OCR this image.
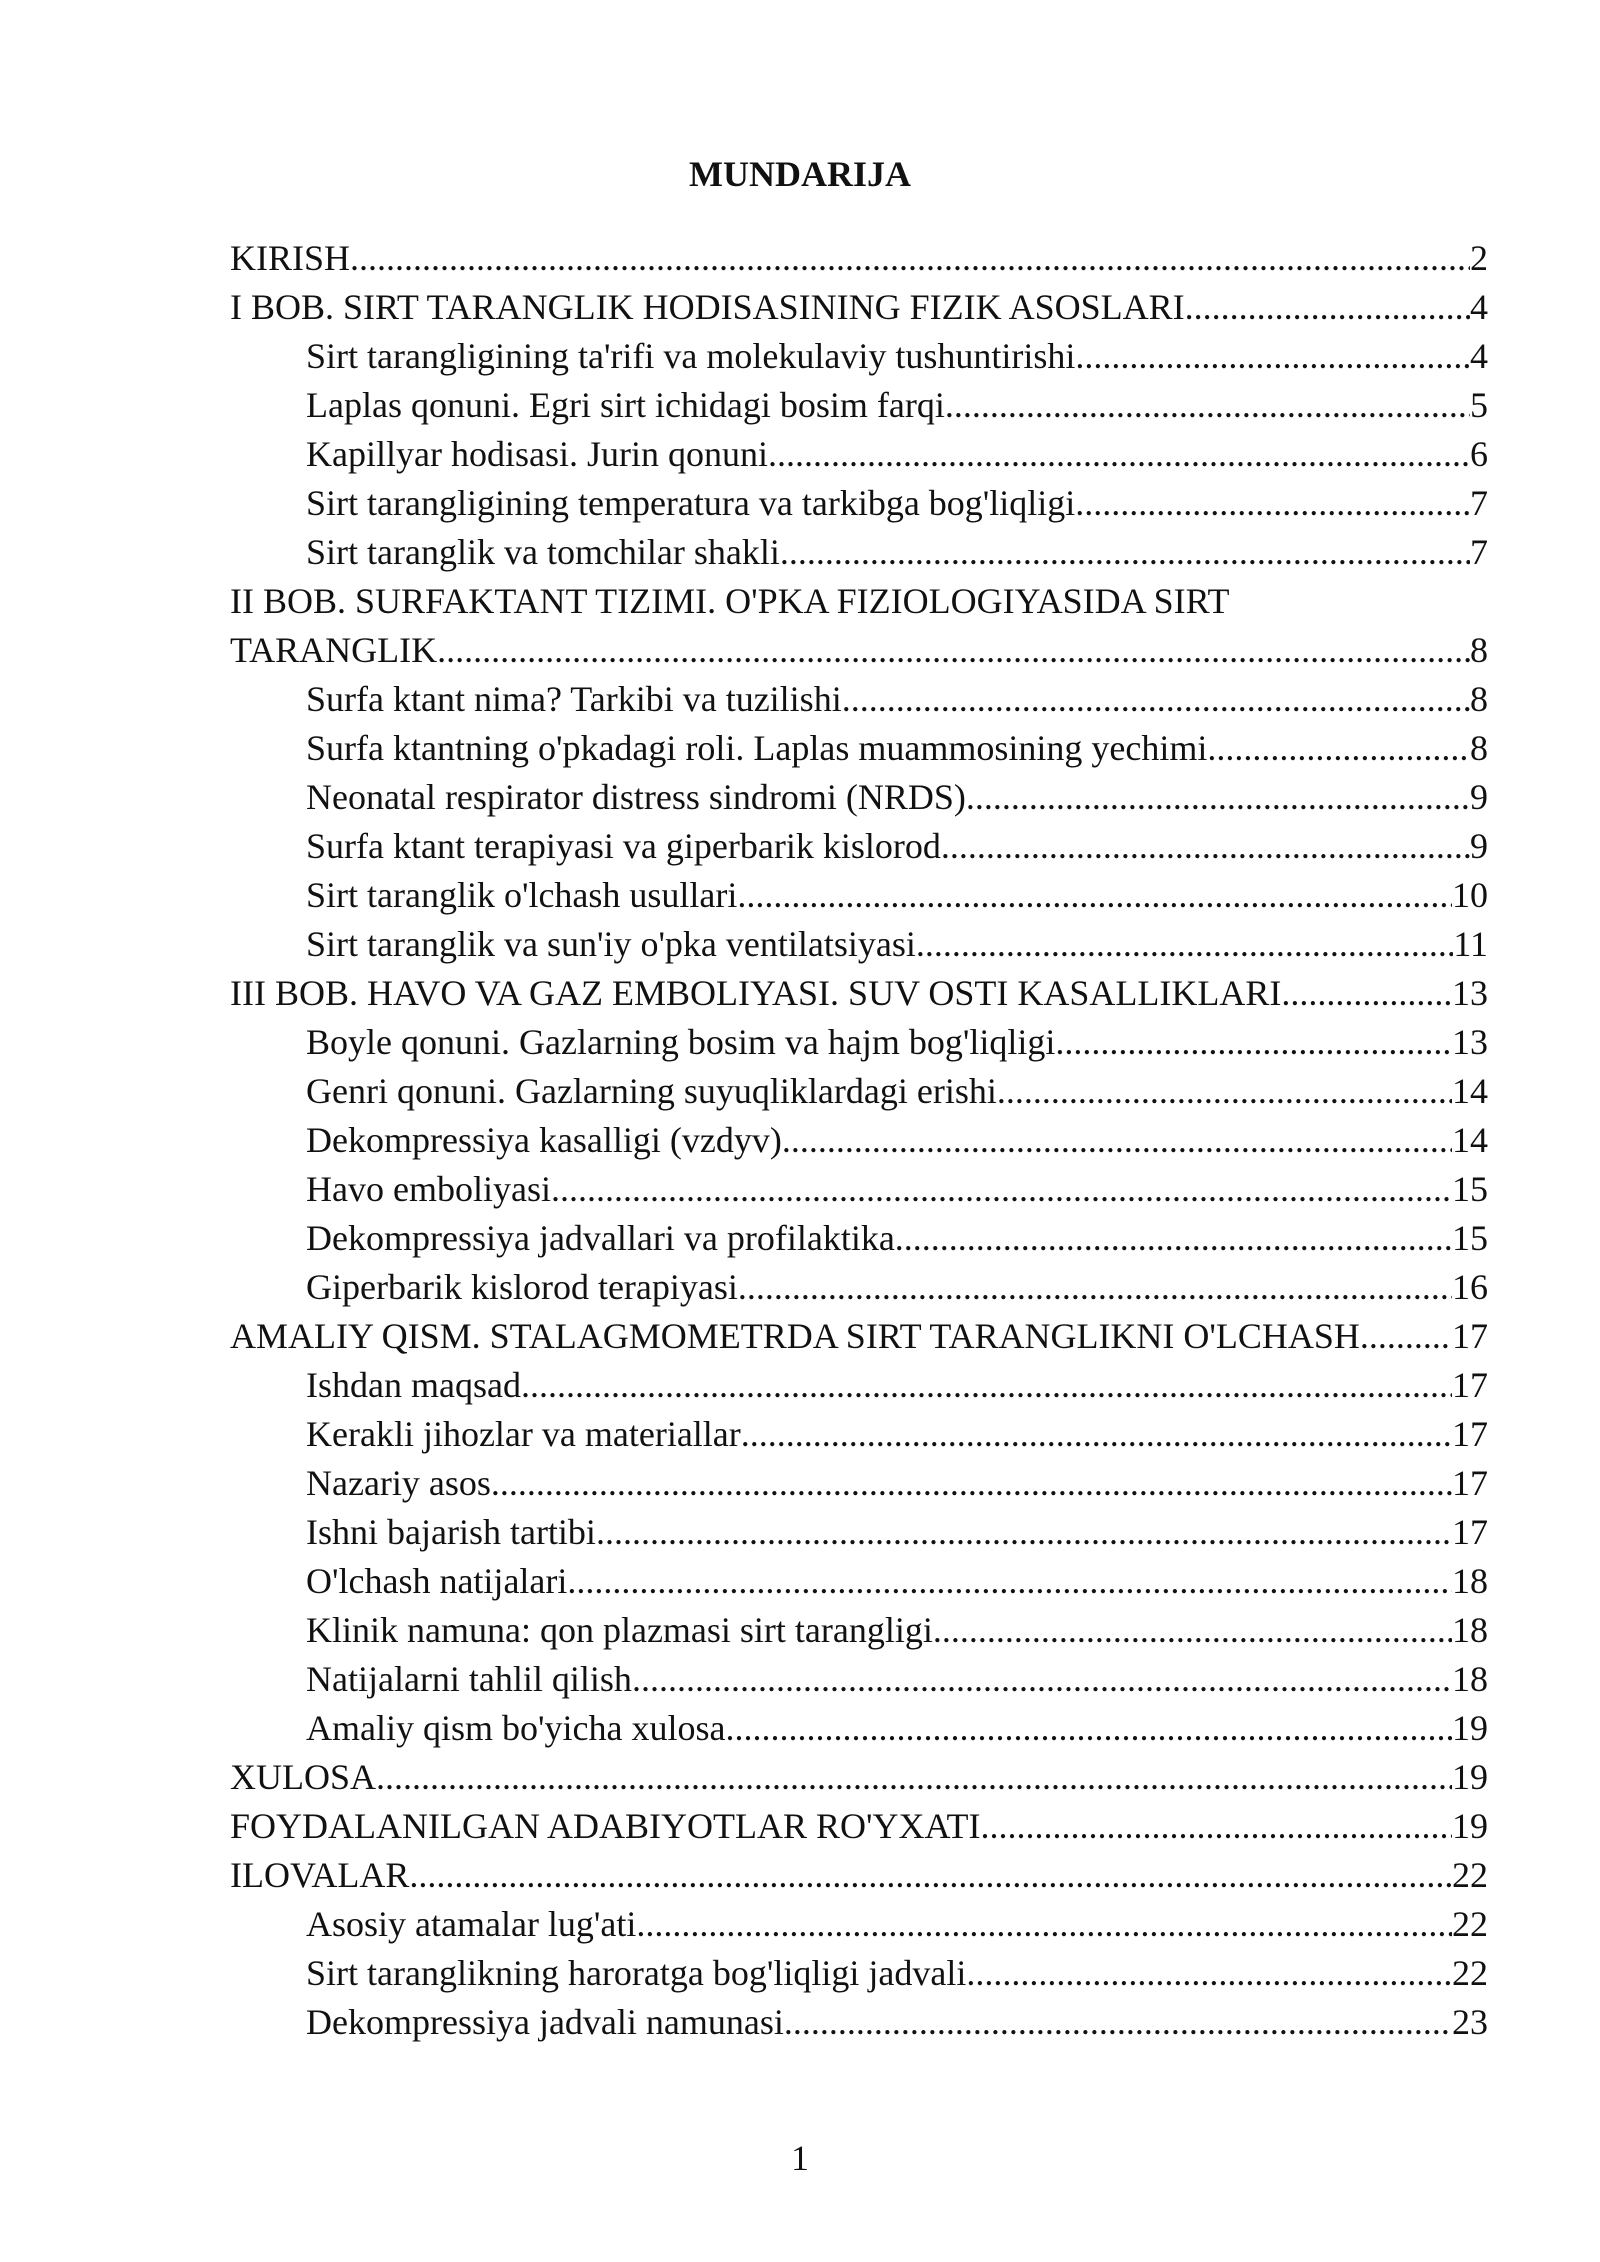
MUNDARIJA
KIRISH .....	2
I BOB. SIRT TARANGLIK HODISASINING FIZIK ASOSLARI .....	4
Sirt tarangligining ta'rifi va molekulaviy tushuntirishi .....	4
Laplas qonuni. Egri sirt ichidagi bosim farqi .....	5
Kapillyar hodisasi. Jurin qonuni .....	6
Sirt tarangligining temperatura va tarkibga bog'liqligi .....	7
Sirt taranglik va tomchilar shakli .....	7
II BOB. SURFAKTANT TIZIMI. O'PKA FIZIOLOGIYASIDA SIRT
TARANGLIK .....	8
Surfa ktant nima? Tarkibi va tuzilishi .....	8
Surfa ktantning o'pkadagi roli. Laplas muammosining yechimi .....	8
Neonatal respirator distress sindromi (NRDS) .....	9
Surfa ktant terapiyasi va giperbarik kislorod .....	9
Sirt taranglik o'lchash usullari .....	10
Sirt taranglik va sun'iy o'pka ventilatsiyasi .....	11
III BOB. HAVO VA GAZ EMBOLIYASI. SUV OSTI KASALLIKLARI .....	13
Boyle qonuni. Gazlarning bosim va hajm bog'liqligi .....	13
Genri qonuni. Gazlarning suyuqliklardagi erishi .....	14
Dekompressiya kasalligi (vzdyv) .....	14
Havo emboliyasi .....	15
Dekompressiya jadvallari va profilaktika .....	15
Giperbarik kislorod terapiyasi .....	16
AMALIY QISM. STALAGMOMETRDA SIRT TARANGLIKNI O'LCHASH. ..... 17
Ishdan maqsad .....	17
Kerakli jihozlar va materiallar .....	17
Nazariy asos .....	17
Ishni bajarish tartibi .....	17
O'lchash natijalari .....	18
Klinik namuna: qon plazmasi sirt tarangligi .....	18
Natijalarni tahlil qilish .....	18
Amaliy qism bo'yicha xulosa .....	19
XULOSA .....	19
FOYDALANILGAN ADABIYOTLAR RO'YXATI .....	19
ILOVALAR .....	22
Asosiy atamalar lug'ati .....	22
Sirt taranglikning haroratga bog'liqligi jadvali .....	22
Dekompressiya jadvali namunasi .....	23
1
